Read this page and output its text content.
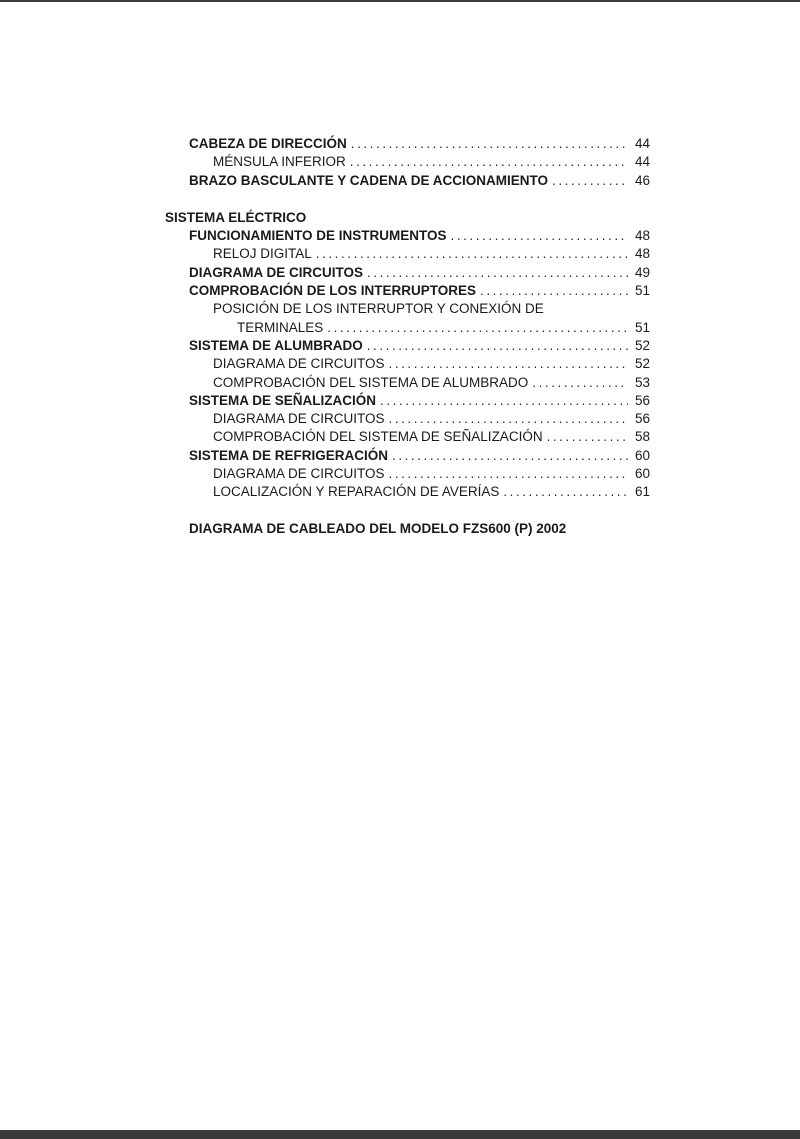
CABEZA DE DIRECCIÓN . . .	44
MÉNSULA INFERIOR . . .	44
BRAZO BASCULANTE Y CADENA DE ACCIONAMIENTO . . .	46
SISTEMA ELÉCTRICO
FUNCIONAMIENTO DE INSTRUMENTOS . . .	48
RELOJ DIGITAL . . .	48
DIAGRAMA DE CIRCUITOS . . .	49
COMPROBACIÓN DE LOS INTERRUPTORES . . .	51
POSICIÓN DE LOS INTERRUPTOR Y CONEXIÓN DE
TERMINALES . . .	51
SISTEMA DE ALUMBRADO . . .	52
DIAGRAMA DE CIRCUITOS . . .	52
COMPROBACIÓN DEL SISTEMA DE ALUMBRADO . . .	53
SISTEMA DE SEÑALIZACIÓN . . .	56
DIAGRAMA DE CIRCUITOS . . .	56
COMPROBACIÓN DEL SISTEMA DE SEÑALIZACIÓN . . .	58
SISTEMA DE REFRIGERACIÓN . . .	60
DIAGRAMA DE CIRCUITOS . . .	60
LOCALIZACIÓN Y REPARACIÓN DE AVERÍAS . . .	61
DIAGRAMA DE CABLEADO DEL MODELO FZS600 (P) 2002
